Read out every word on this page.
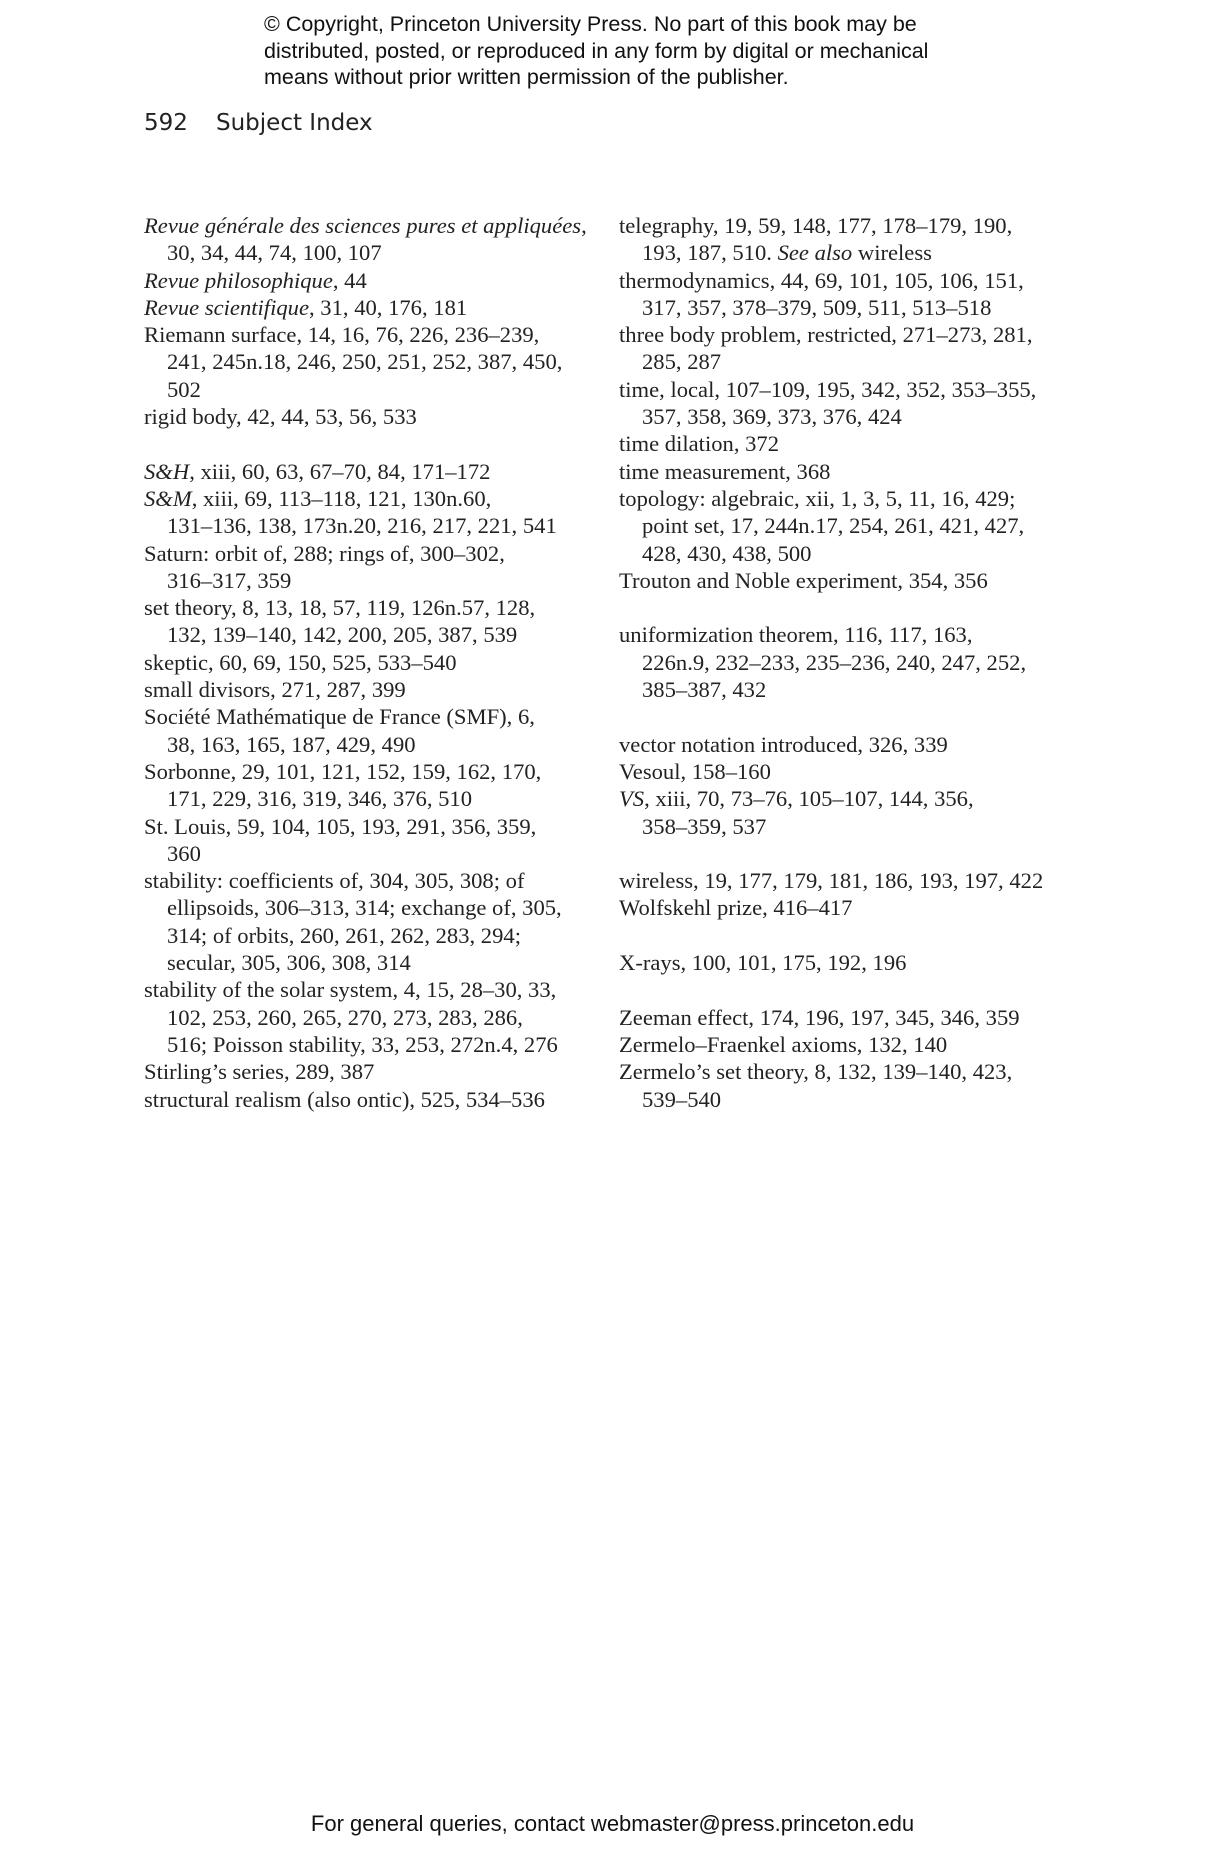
© Copyright, Princeton University Press. No part of this book may be
distributed, posted, or reproduced in any form by digital or mechanical
means without prior written permission of the publisher.
592 Subject Index
Revue générale des sciences pures et appliquées,
30, 34, 44, 74, 100, 107
Revue philosophique, 44
Revue scientifique, 31, 40, 176, 181
Riemann surface, 14, 16, 76, 226, 236–239,
241, 245n.18, 246, 250, 251, 252, 387, 450,
502
rigid body, 42, 44, 53, 56, 533
S&H, xiii, 60, 63, 67–70, 84, 171–172
S&M, xiii, 69, 113–118, 121, 130n.60,
131–136, 138, 173n.20, 216, 217, 221, 541
Saturn: orbit of, 288; rings of, 300–302,
316–317, 359
set theory, 8, 13, 18, 57, 119, 126n.57, 128,
132, 139–140, 142, 200, 205, 387, 539
skeptic, 60, 69, 150, 525, 533–540
small divisors, 271, 287, 399
Société Mathématique de France (SMF), 6,
38, 163, 165, 187, 429, 490
Sorbonne, 29, 101, 121, 152, 159, 162, 170,
171, 229, 316, 319, 346, 376, 510
St. Louis, 59, 104, 105, 193, 291, 356, 359,
360
stability: coefficients of, 304, 305, 308; of
ellipsoids, 306–313, 314; exchange of, 305,
314; of orbits, 260, 261, 262, 283, 294;
secular, 305, 306, 308, 314
stability of the solar system, 4, 15, 28–30, 33,
102, 253, 260, 265, 270, 273, 283, 286,
516; Poisson stability, 33, 253, 272n.4, 276
Stirling’s series, 289, 387
structural realism (also ontic), 525, 534–536
telegraphy, 19, 59, 148, 177, 178–179, 190,
193, 187, 510. See also wireless
thermodynamics, 44, 69, 101, 105, 106, 151,
317, 357, 378–379, 509, 511, 513–518
three body problem, restricted, 271–273, 281,
285, 287
time, local, 107–109, 195, 342, 352, 353–355,
357, 358, 369, 373, 376, 424
time dilation, 372
time measurement, 368
topology: algebraic, xii, 1, 3, 5, 11, 16, 429;
point set, 17, 244n.17, 254, 261, 421, 427,
428, 430, 438, 500
Trouton and Noble experiment, 354, 356
uniformization theorem, 116, 117, 163,
226n.9, 232–233, 235–236, 240, 247, 252,
385–387, 432
vector notation introduced, 326, 339
Vesoul, 158–160
VS, xiii, 70, 73–76, 105–107, 144, 356,
358–359, 537
wireless, 19, 177, 179, 181, 186, 193, 197, 422
Wolfskehl prize, 416–417
X-rays, 100, 101, 175, 192, 196
Zeeman effect, 174, 196, 197, 345, 346, 359
Zermelo–Fraenkel axioms, 132, 140
Zermelo’s set theory, 8, 132, 139–140, 423,
539–540
For general queries, contact webmaster@press.princeton.edu
